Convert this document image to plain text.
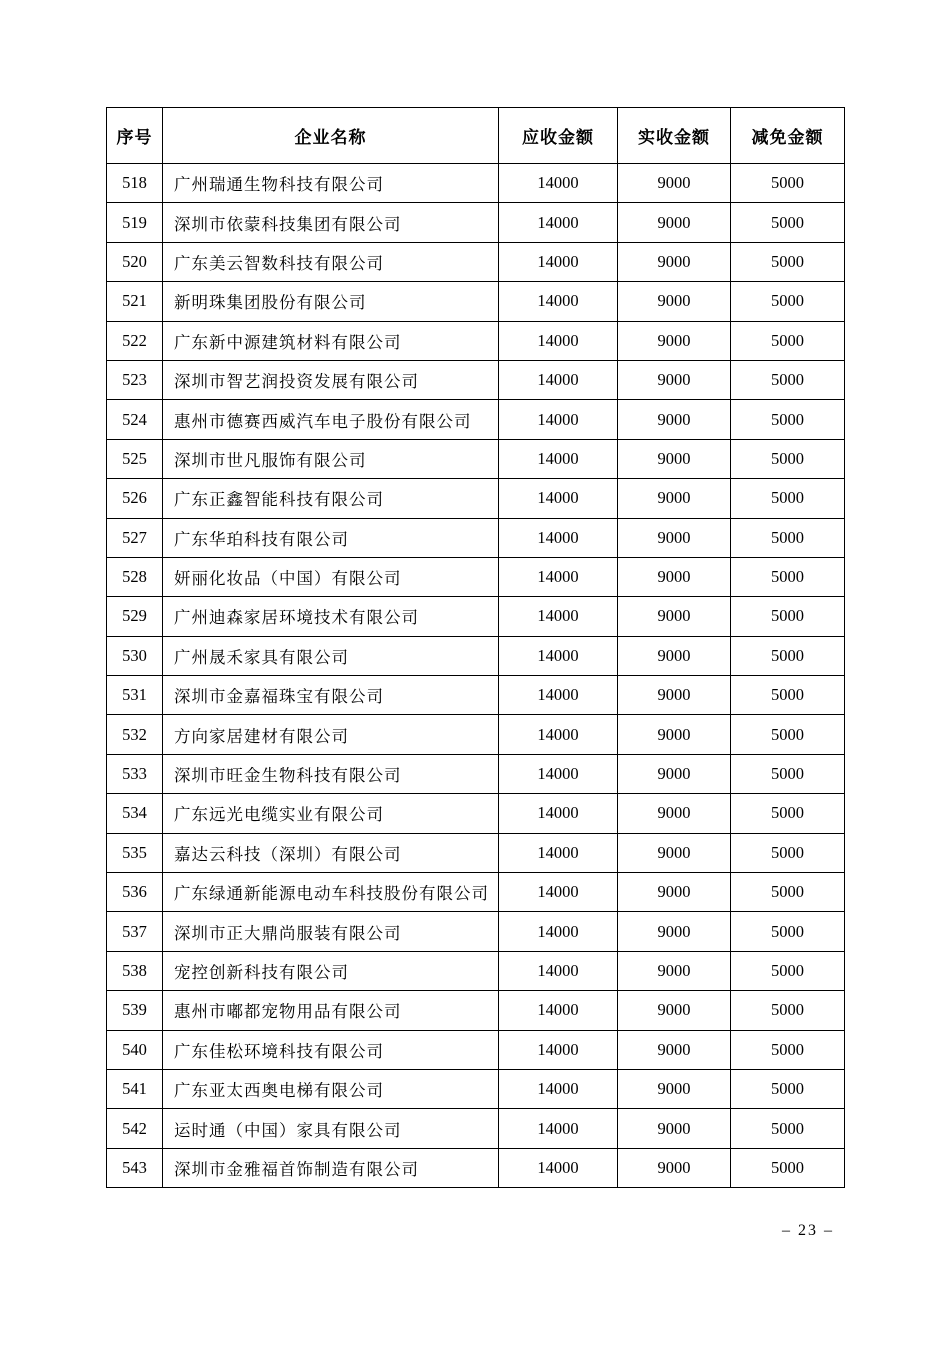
序号	企业名称	应收金额	实收金额	减免金额
518	广州瑞通生物科技有限公司	14000	9000	5000
519	深圳市依蒙科技集团有限公司	14000	9000	5000
520	广东美云智数科技有限公司	14000	9000	5000
521	新明珠集团股份有限公司	14000	9000	5000
522	广东新中源建筑材料有限公司	14000	9000	5000
523	深圳市智艺润投资发展有限公司	14000	9000	5000
524	惠州市德赛西威汽车电子股份有限公司	14000	9000	5000
525	深圳市世凡服饰有限公司	14000	9000	5000
526	广东正鑫智能科技有限公司	14000	9000	5000
527	广东华珀科技有限公司	14000	9000	5000
528	妍丽化妆品（中国）有限公司	14000	9000	5000
529	广州迪森家居环境技术有限公司	14000	9000	5000
530	广州晟禾家具有限公司	14000	9000	5000
531	深圳市金嘉福珠宝有限公司	14000	9000	5000
532	方向家居建材有限公司	14000	9000	5000
533	深圳市旺金生物科技有限公司	14000	9000	5000
534	广东远光电缆实业有限公司	14000	9000	5000
535	嘉达云科技（深圳）有限公司	14000	9000	5000
536	广东绿通新能源电动车科技股份有限公司	14000	9000	5000
537	深圳市正大鼎尚服装有限公司	14000	9000	5000
538	宠控创新科技有限公司	14000	9000	5000
539	惠州市嘟都宠物用品有限公司	14000	9000	5000
540	广东佳松环境科技有限公司	14000	9000	5000
541	广东亚太西奥电梯有限公司	14000	9000	5000
542	运时通（中国）家具有限公司	14000	9000	5000
543	深圳市金雅福首饰制造有限公司	14000	9000	5000
– 23 –
